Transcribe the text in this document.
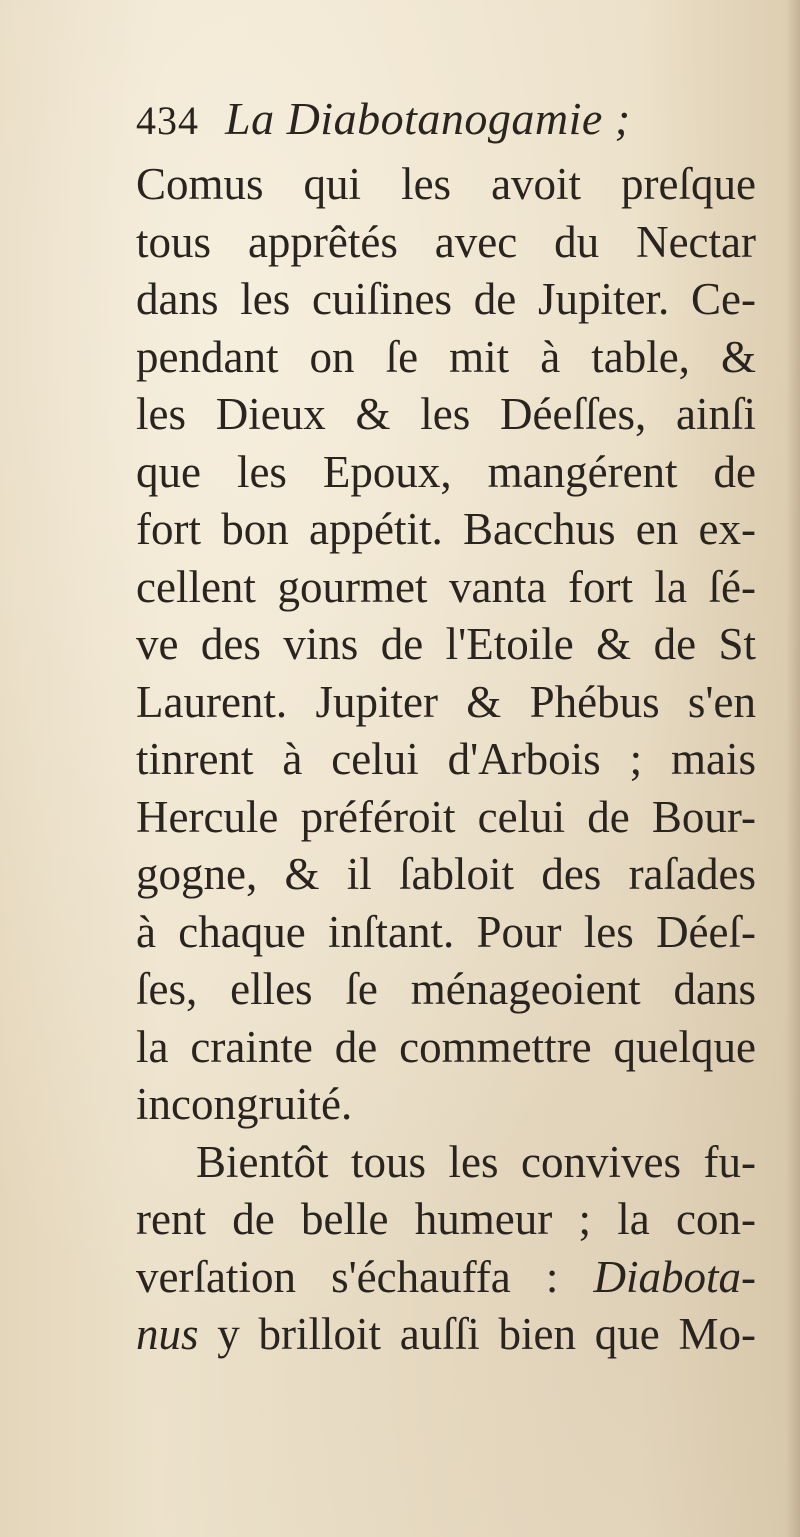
434 La Diabotanogamie ;
Comus qui les avoit preſque
tous apprêtés avec du Nectar
dans les cuiſines de Jupiter. Ce-
pendant on ſe mit à table, &
les Dieux & les Déeſſes, ainſi
que les Epoux, mangérent de
fort bon appétit. Bacchus en ex-
cellent gourmet vanta fort la ſé-
ve des vins de l'Etoile & de St
Laurent. Jupiter & Phébus s'en
tinrent à celui d'Arbois ; mais
Hercule préféroit celui de Bour-
gogne, & il ſabloit des raſades
à chaque inſtant. Pour les Déeſ-
ſes, elles ſe ménageoient dans
la crainte de commettre quelque
incongruité.
Bientôt tous les convives fu-
rent de belle humeur ; la con-
verſation s'échauffa : Diabota-
nus y brilloit auſſi bien que Mo-
